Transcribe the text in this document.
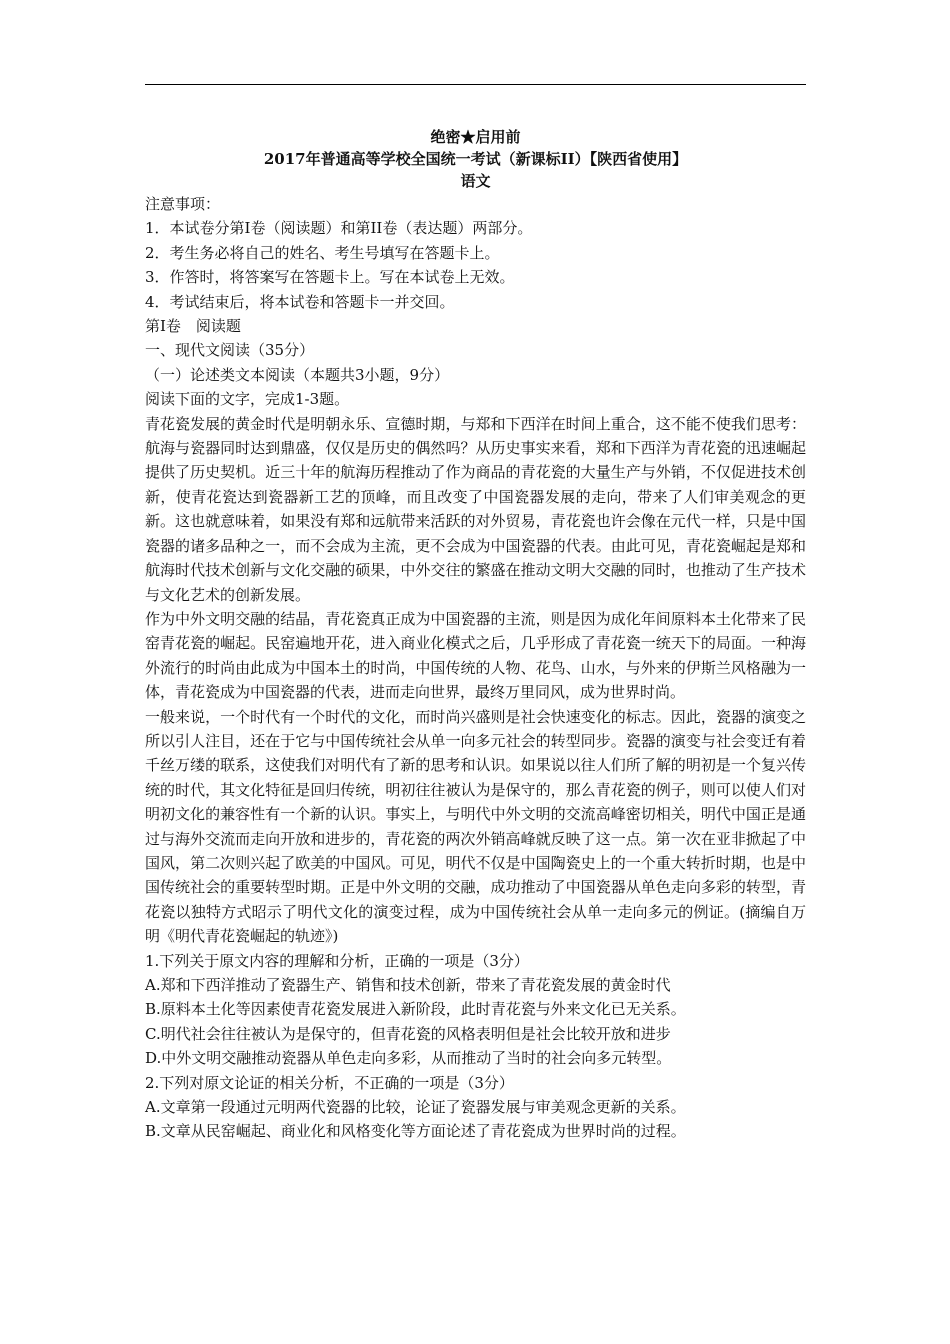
绝密★启用前
2017年普通高等学校全国统一考试（新课标II）【陕西省使用】
语文
注意事项：
1．本试卷分第I卷（阅读题）和第II卷（表达题）两部分。
2．考生务必将自己的姓名、考生号填写在答题卡上。
3．作答时，将答案写在答题卡上。写在本试卷上无效。
4．考试结束后，将本试卷和答题卡一并交回。
第Ⅰ卷　阅读题
一、现代文阅读（35分）
（一）论述类文本阅读（本题共3小题，9分）
阅读下面的文字，完成1-3题。
青花瓷发展的黄金时代是明朝永乐、宣德时期，与郑和下西洋在时间上重合，这不能不使我们思考：航海与瓷器同时达到鼎盛，仅仅是历史的偶然吗？从历史事实来看，郑和下西洋为青花瓷的迅速崛起提供了历史契机。近三十年的航海历程推动了作为商品的青花瓷的大量生产与外销，不仅促进技术创新，使青花瓷达到瓷器新工艺的顶峰，而且改变了中国瓷器发展的走向，带来了人们审美观念的更新。这也就意味着，如果没有郑和远航带来活跃的对外贸易，青花瓷也许会像在元代一样，只是中国瓷器的诸多品种之一，而不会成为主流，更不会成为中国瓷器的代表。由此可见，青花瓷崛起是郑和航海时代技术创新与文化交融的硕果，中外交往的繁盛在推动文明大交融的同时，也推动了生产技术与文化艺术的创新发展。
作为中外文明交融的结晶，青花瓷真正成为中国瓷器的主流，则是因为成化年间原料本土化带来了民窑青花瓷的崛起。民窑遍地开花，进入商业化模式之后，几乎形成了青花瓷一统天下的局面。一种海外流行的时尚由此成为中国本土的时尚，中国传统的人物、花鸟、山水，与外来的伊斯兰风格融为一体，青花瓷成为中国瓷器的代表，进而走向世界，最终万里同风，成为世界时尚。
一般来说，一个时代有一个时代的文化，而时尚兴盛则是社会快速变化的标志。因此，瓷器的演变之所以引人注目，还在于它与中国传统社会从单一向多元社会的转型同步。瓷器的演变与社会变迁有着千丝万缕的联系，这使我们对明代有了新的思考和认识。如果说以往人们所了解的明初是一个复兴传统的时代，其文化特征是回归传统，明初往往被认为是保守的，那么青花瓷的例子，则可以使人们对明初文化的兼容性有一个新的认识。事实上，与明代中外文明的交流高峰密切相关，明代中国正是通过与海外交流而走向开放和进步的，青花瓷的两次外销高峰就反映了这一点。第一次在亚非掀起了中国风，第二次则兴起了欧美的中国风。可见，明代不仅是中国陶瓷史上的一个重大转折时期，也是中国传统社会的重要转型时期。正是中外文明的交融，成功推动了中国瓷器从单色走向多彩的转型，青花瓷以独特方式昭示了明代文化的演变过程，成为中国传统社会从单一走向多元的例证。(摘编自万明《明代青花瓷崛起的轨迹》)
1.下列关于原文内容的理解和分析，正确的一项是（3分）
A.郑和下西洋推动了瓷器生产、销售和技术创新，带来了青花瓷发展的黄金时代
B.原料本土化等因素使青花瓷发展进入新阶段，此时青花瓷与外来文化已无关系。
C.明代社会往往被认为是保守的，但青花瓷的风格表明但是社会比较开放和进步
D.中外文明交融推动瓷器从单色走向多彩，从而推动了当时的社会向多元转型。
2.下列对原文论证的相关分析，不正确的一项是（3分）
A.文章第一段通过元明两代瓷器的比较，论证了瓷器发展与审美观念更新的关系。
B.文章从民窑崛起、商业化和风格变化等方面论述了青花瓷成为世界时尚的过程。
